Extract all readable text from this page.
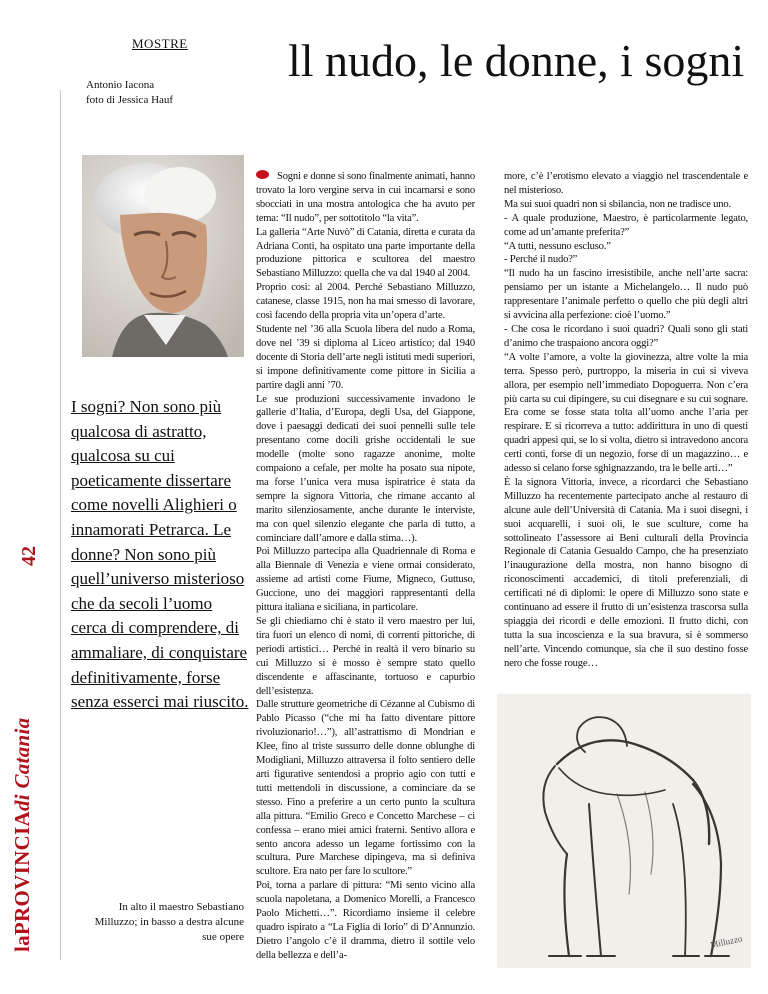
MOSTRE ll nudo, le donne, i sogni
Antonio Iacona
foto di Jessica Hauf
laPROVINCIAdi Catania
42
I sogni? Non sono più qualcosa di astratto, qualcosa su cui poeticamente dissertare come novelli Alighieri o innamorati Petrarca. Le donne? Non sono più quell’universo misterioso che da secoli l’uomo cerca di comprendere, di ammaliare, di conquistare definitivamente, forse senza esserci mai riuscito.
In alto il maestro Sebastiano Milluzzo; in basso a destra alcune sue opere

Sogni e donne si sono finalmente animati, hanno trovato la loro vergine serva in cui incarnarsi e sono sbocciati in una mostra antologica che ha avuto per tema: “Il nudo”, per sottotitolo “la vita”.

La galleria “Arte Nuvò” di Catania, diretta e curata da Adriana Conti, ha ospitato una parte importante della produzione pittorica e scultorea del maestro Sebastiano Milluzzo: quella che va dal 1940 al 2004.

Proprio così: al 2004. Perché Sebastiano Milluzzo, catanese, classe 1915, non ha mai smesso di lavorare, così facendo della propria vita un’opera d’arte.

Studente nel ’36 alla Scuola libera del nudo a Roma, dove nel ’39 si diploma al Liceo artistico; dal 1940 docente di Storia dell’arte negli istituti medi superiori, si impone definitivamente come pittore in Sicilia a partire dagli anni ’70.

Le sue produzioni successivamente invadono le gallerie d’Italia, d’Europa, degli Usa, del Giappone, dove i paesaggi dedicati dei suoi pennelli sulle tele presentano come docili grishe occidentali le sue modelle (molte sono ragazze anonime, molte compaiono a cefale, per molte ha posato sua nipote, ma forse l’unica vera musa ispiratrice è stata da sempre la signora Vittoria, che rimane accanto al marito silenziosamente, anche durante le interviste, ma con quel silenzio elegante che parla di tutto, a cominciare dall’amore e dalla stima…).

Poi Milluzzo partecipa alla Quadriennale di Roma e alla Biennale di Venezia e viene ormai considerato, assieme ad artisti come Fiume, Migneco, Guttuso, Guccione, uno dei maggiori rappresentanti della pittura italiana e siciliana, in particolare.

Se gli chiediamo chi è stato il vero maestro per lui, tira fuori un elenco di nomi, di correnti pittoriche, di periodi artistici… Perché in realtà il vero binario su cui Milluzzo si è mosso è sempre stato quello discendente e affascinante, tortuoso e capurbio dell’esistenza.

Dalle strutture geometriche di Cézanne al Cubismo di Pablo Picasso (“che mi ha fatto diventare pittore rivoluzionario!…”), all’astrattismo di Mondrian e Klee, fino al triste sussurro delle donne oblunghe di Modigliani, Milluzzo attraversa il folto sentiero delle arti figurative sentendosi a proprio agio con tutti e tutti mettendoli in discussione, a cominciare da se stesso. Fino a preferire a un certo punto la scultura alla pittura. “Emilio Greco e Concetto Marchese – ci confessa – erano miei amici fraterni. Sentivo allora e sento ancora adesso un legame fortissimo con la scultura. Pure Marchese dipingeva, ma si definiva scultore. Era nato per fare lo scultore.”

Poi, torna a parlare di pittura: “Mi sento vicino alla scuola napoletana, a Domenico Morelli, a Francesco Paolo Michetti…”. Ricordiamo insieme il celebre quadro ispirato a “La Figlia di Iorio” di D’Annunzio. Dietro l’angolo c’è il dramma, dietro il sottile velo della bellezza e dell’a-

more, c’è l’erotismo elevato a viaggio nel trascendentale e nel misterioso.

Ma sui suoi quadri non si sbilancia, non ne tradisce uno.

- A quale produzione, Maestro, è particolarmente legato, come ad un’amante preferita?”

“A tutti, nessuno escluso.”

- Perché il nudo?”

“Il nudo ha un fascino irresistibile, anche nell’arte sacra: pensiamo per un istante a Michelangelo… Il nudo può rappresentare l’animale perfetto o quello che più degli altri si avvicina alla perfezione: cioè l’uomo.”

- Che cosa le ricordano i suoi quadri? Quali sono gli stati d’animo che traspaiono ancora oggi?”

“A volte l’amore, a volte la giovinezza, altre volte la mia terra. Spesso però, purtroppo, la miseria in cui si viveva allora, per esempio nell’immediato Dopoguerra. Non c’era più carta su cui dipingere, su cui disegnare e su cui sognare. Era come se fosse stata tolta all’uomo anche l’aria per respirare. E si ricorreva a tutto: addirittura in uno di questi quadri appesi qui, se lo si volta, dietro si intravedono ancora certi conti, forse di un negozio, forse di un magazzino… e adesso si celano forse sghignazzando, tra le belle arti…”

È la signora Vittoria, invece, a ricordarci che Sebastiano Milluzzo ha recentemente partecipato anche al restauro di alcune aule dell’Università di Catania. Ma i suoi disegni, i suoi acquarelli, i suoi oli, le sue sculture, come ha sottolineato l’assessore ai Beni culturali della Provincia Regionale di Catania Gesualdo Campo, che ha presenziato l’inaugurazione della mostra, non hanno bisogno di riconoscimenti accademici, di titoli preferenziali, di certificati né di diplomi: le opere di Milluzzo sono state e continuano ad essere il frutto di un’esistenza trascorsa sulla spiaggia dei ricordi e delle emozioni. Il frutto dichi, con tutta la sua incoscienza e la sua bravura, si è sommerso nell’arte. Vincendo comunque, sia che il suo destino fosse nero che fosse rouge…

Milluzzo
